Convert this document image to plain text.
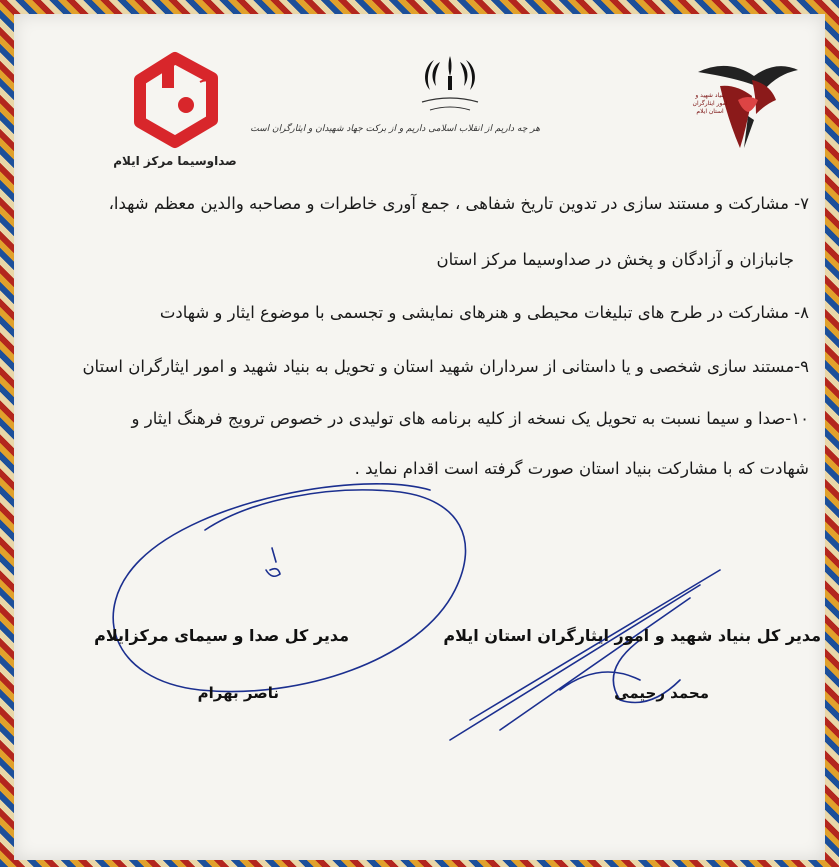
صداوسیما مرکز ایلام
هر چه داریم از انقلاب اسلامی داریم و از برکت جهاد شهیدان و ایثارگران است
بنیاد شهید و امور ایثارگران استان ایلام
۷- مشارکت و مستند سازی در تدوین تاریخ شفاهی ، جمع آوری خاطرات و مصاحبه والدین معظم شهدا،
جانبازان و آزادگان و پخش در صداوسیما مرکز استان
۸- مشارکت در طرح های تبلیغات محیطی و هنرهای نمایشی و تجسمی با موضوع ایثار و شهادت
۹-مستند سازی شخصی و یا داستانی از سرداران شهید استان و تحویل به بنیاد شهید و امور ایثارگران استان
۱۰-صدا و سیما نسبت به تحویل یک نسخه از کلیه برنامه های تولیدی در خصوص ترویج فرهنگ ایثار و
شهادت که با مشارکت بنیاد استان صورت گرفته است اقدام نماید .
مدیر کل صدا و سیمای مرکزایلام
ناصر بهرام
مدیر کل بنیاد شهید و امور ایثارگران استان ایلام
محمد رحیمی
